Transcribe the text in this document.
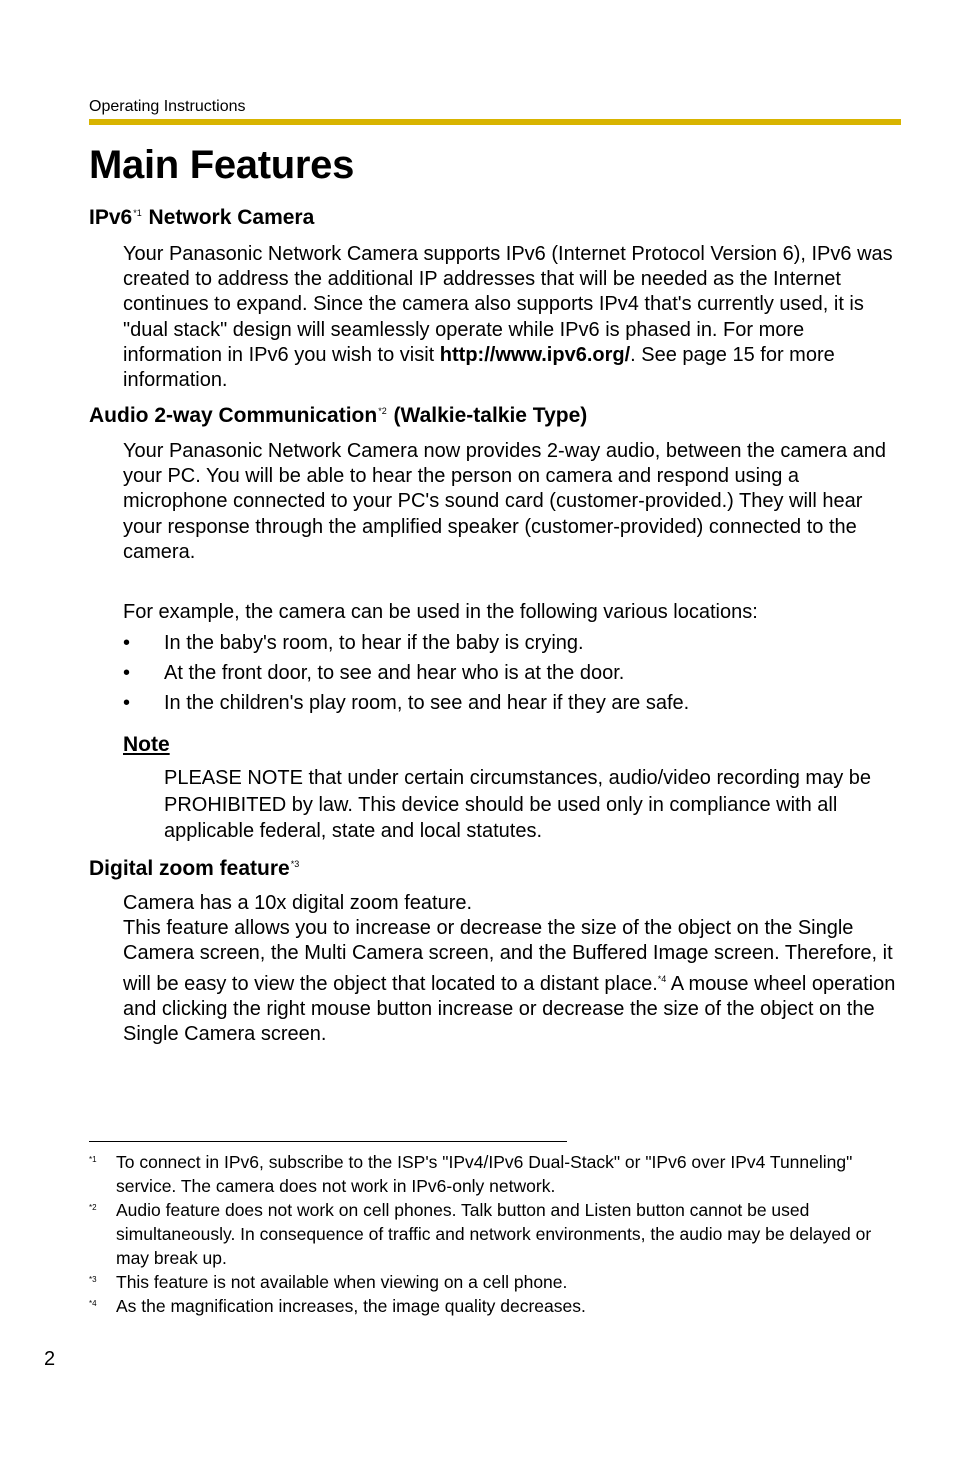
Operating Instructions
Main Features
IPv6$^{*1}$ Network Camera

Your Panasonic Network Camera supports IPv6 (Internet Protocol Version 6), IPv6 was created to address the additional IP addresses that will be needed as the Internet continues to expand. Since the camera also supports IPv4 that's currently used, it is "dual stack" design will seamlessly operate while IPv6 is phased in. For more information in IPv6 you wish to visit http://www.ipv6.org/. See page 15 for more information.

Audio 2-way Communication$^{*2}$ (Walkie-talkie Type)

Your Panasonic Network Camera now provides 2-way audio, between the camera and your PC. You will be able to hear the person on camera and respond using a microphone connected to your PC's sound card (customer-provided.) They will hear your response through the amplified speaker (customer-provided) connected to the camera.

For example, the camera can be used in the following various locations:

• In the baby's room, to hear if the baby is crying.
• At the front door, to see and hear who is at the door.
• In the children's play room, to see and hear if they are safe.
Note

PLEASE NOTE that under certain circumstances, audio/video recording may be PROHIBITED by law. This device should be used only in compliance with all applicable federal, state and local statutes.

Digital zoom feature$^{*3}$

Camera has a 10x digital zoom feature.
This feature allows you to increase or decrease the size of the object on the Single Camera screen, the Multi Camera screen, and the Buffered Image screen. Therefore, it will be easy to view the object that located to a distant place.$^{*4}$ A mouse wheel operation and clicking the right mouse button increase or decrease the size of the object on the Single Camera screen.

*1 To connect in IPv6, subscribe to the ISP's "IPv4/IPv6 Dual-Stack" or "IPv6 over IPv4 Tunneling" service. The camera does not work in IPv6-only network.
*2 Audio feature does not work on cell phones. Talk button and Listen button cannot be used simultaneously. In consequence of traffic and network environments, the audio may be delayed or may break up.
*3 This feature is not available when viewing on a cell phone.
*4 As the magnification increases, the image quality decreases.
2
